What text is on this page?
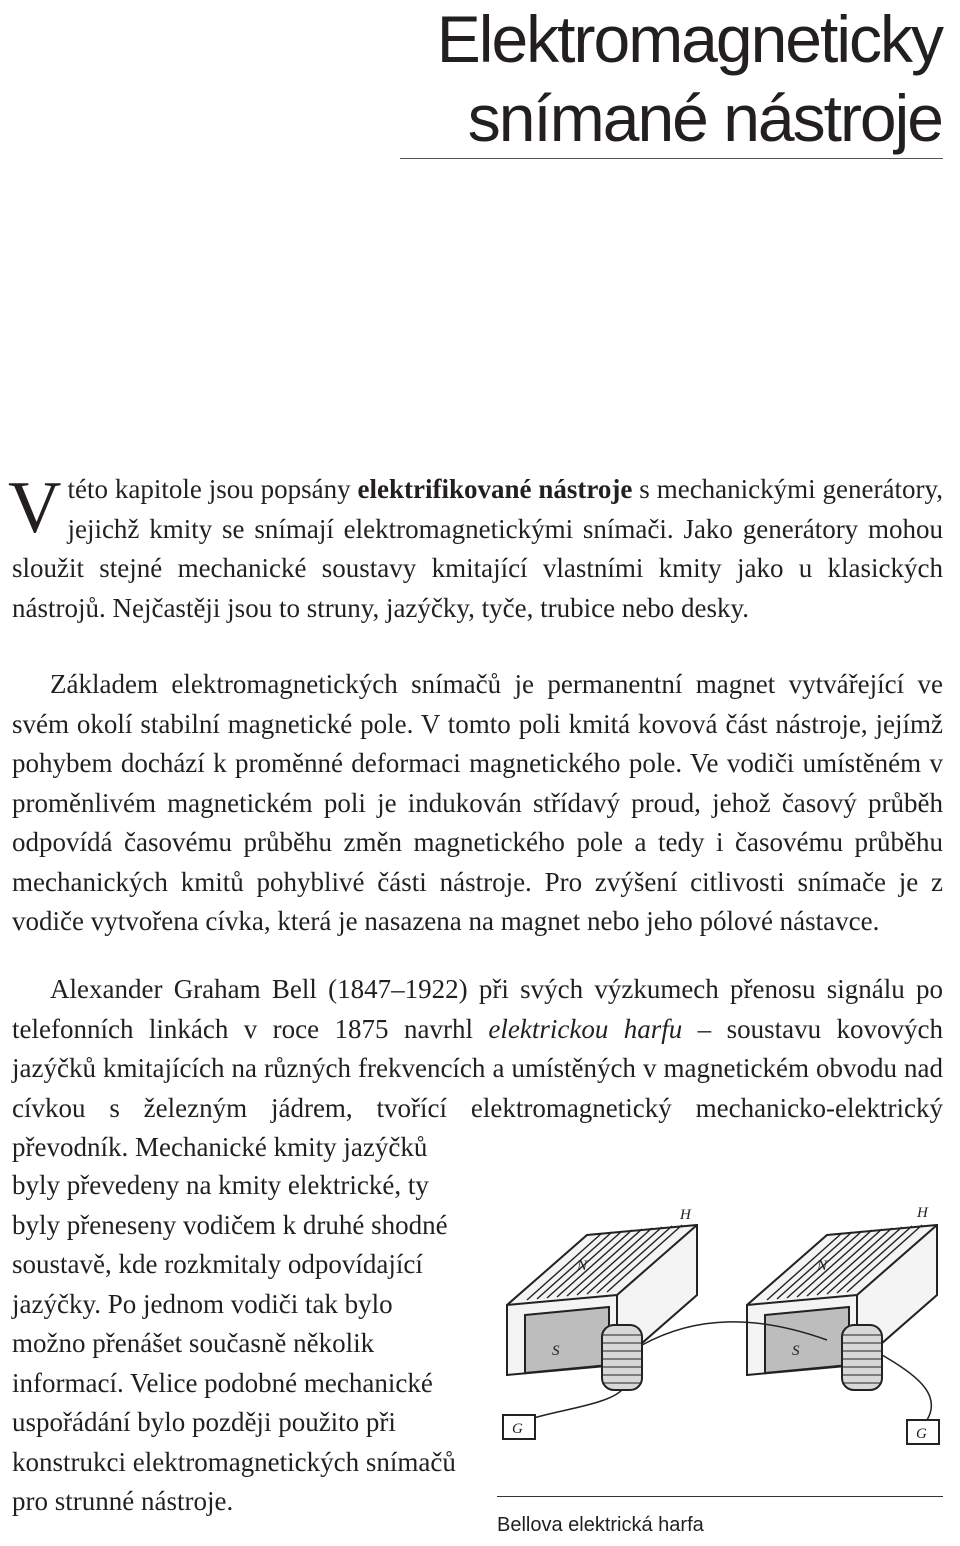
Elektromagneticky
snímané nástroje

V této kapitole jsou popsány elektrifikované nástroje s mechanickými generátory, jejichž kmity se snímají elektromagnetickými snímači. Jako generátory mohou sloužit stejné mechanické soustavy kmitající vlastními kmity jako u klasických nástrojů. Nejčastěji jsou to struny, jazýčky, tyče, trubice nebo desky.

Základem elektromagnetických snímačů je permanentní magnet vytvářející ve svém okolí stabilní magnetické pole. V tomto poli kmitá kovová část nástroje, jejímž pohybem dochází k proměnné deformaci magnetického pole. Ve vodiči umístěném v proměnlivém magnetickém poli je indukován střídavý proud, jehož časový průběh odpovídá časovému průběhu změn magnetického pole a tedy i časovému průběhu mechanických kmitů pohyblivé části nástroje. Pro zvýšení citlivosti snímače je z vodiče vytvořena cívka, která je nasazena na magnet nebo jeho pólové nástavce.

Alexander Graham Bell (1847–1922) při svých výzkumech přenosu signálu po telefonních linkách v roce 1875 navrhl elektrickou harfu – soustavu kovových jazýčků kmitajících na různých frekvencích a umístěných v magnetickém obvodu nad cívkou s železným jádrem, tvořící elektromagnetický mechanicko-elektrický převodník. Mechanické kmity jazýčků

byly převedeny na kmity elektrické, ty byly přeneseny vodičem k druhé shodné soustavě, kde rozkmitaly odpovídající jazýčky. Po jednom vodiči tak bylo možno přenášet současně několik informací. Velice podobné mechanické uspořádání bylo později použito při konstrukci elektromagnetických snímačů pro strunné nástroje.

H	H
N	N
S	S
G	G

Bellova elektrická harfa
